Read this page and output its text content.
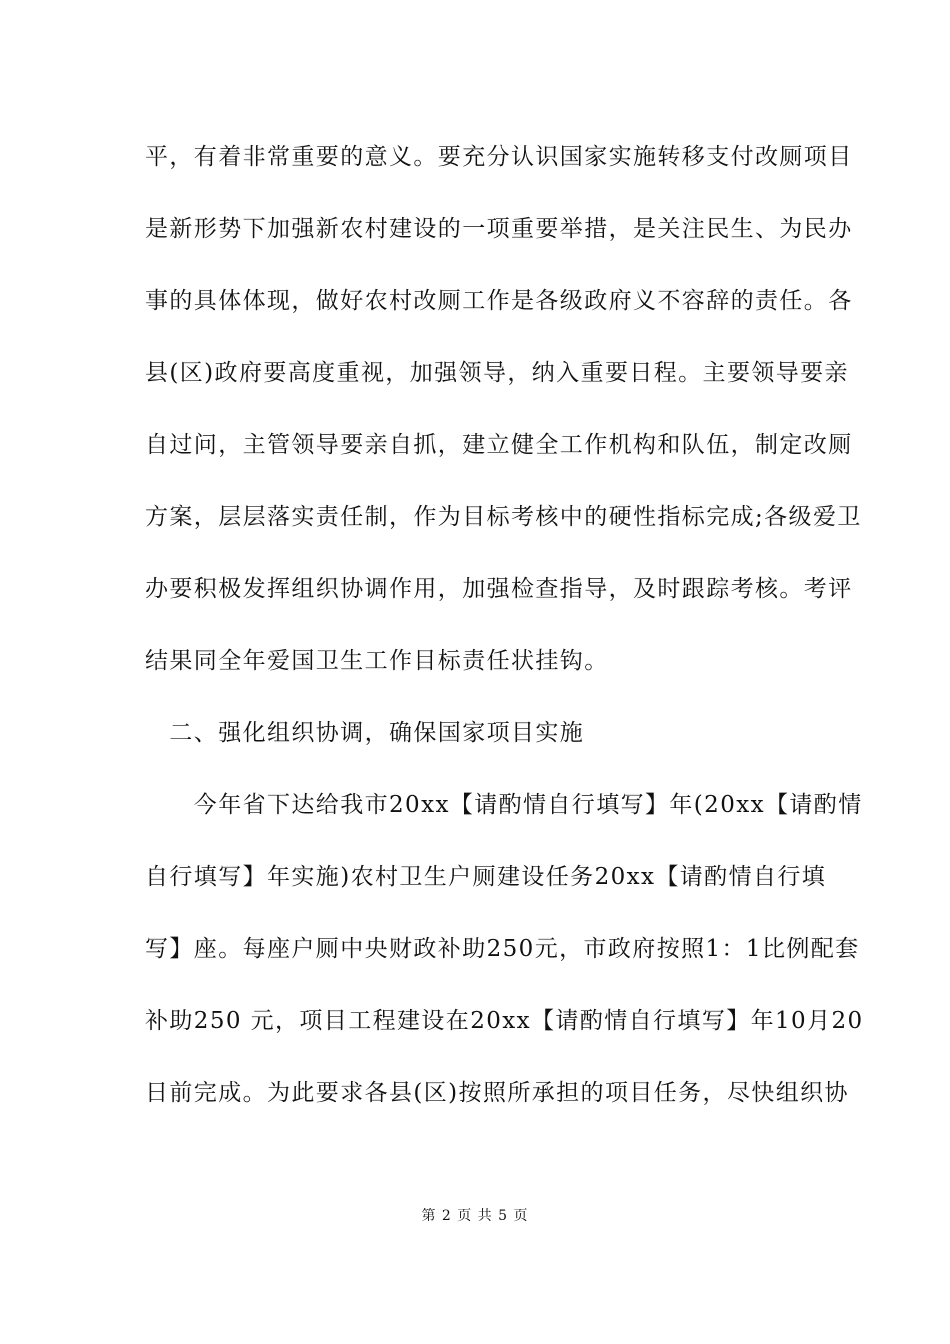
平，有着非常重要的意义。要充分认识国家实施转移支付改厕项目
是新形势下加强新农村建设的一项重要举措，是关注民生、为民办
事的具体体现，做好农村改厕工作是各级政府义不容辞的责任。各
县(区)政府要高度重视，加强领导，纳入重要日程。主要领导要亲
自过问，主管领导要亲自抓，建立健全工作机构和队伍，制定改厕
方案，层层落实责任制，作为目标考核中的硬性指标完成;各级爱卫
办要积极发挥组织协调作用，加强检查指导，及时跟踪考核。考评
结果同全年爱国卫生工作目标责任状挂钩。
　二、强化组织协调，确保国家项目实施
　　今年省下达给我市20xx【请酌情自行填写】年(20xx【请酌情
自行填写】年实施)农村卫生户厕建设任务20xx【请酌情自行填
写】座。每座户厕中央财政补助250元，市政府按照1：1比例配套
补助250 元，项目工程建设在20xx【请酌情自行填写】年10月20
日前完成。为此要求各县(区)按照所承担的项目任务，尽快组织协
第 2 页 共 5 页
